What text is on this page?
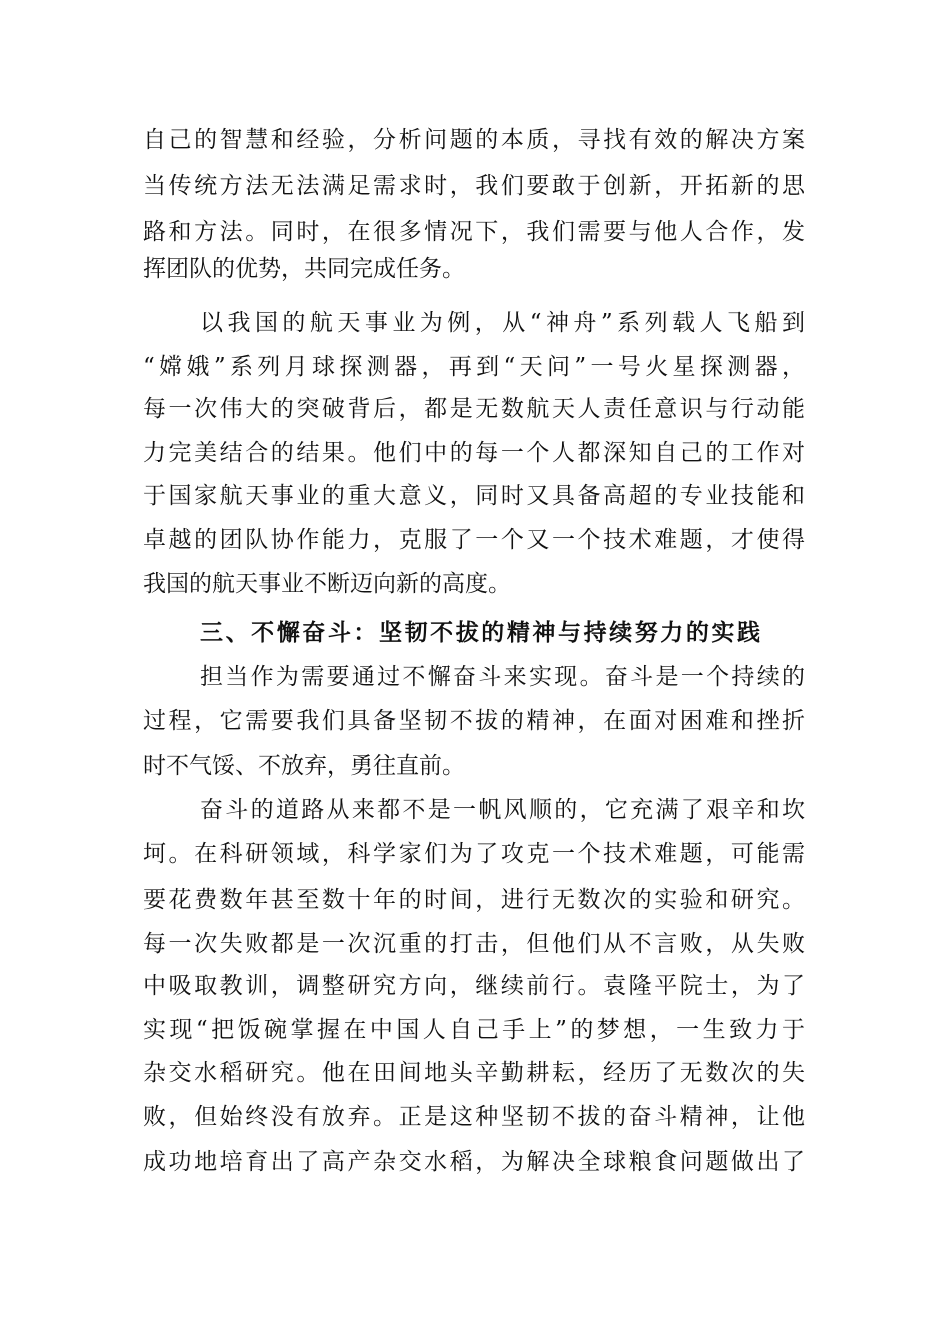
自己的智慧和经验，分析问题的本质，寻找有效的解决方案
当传统方法无法满足需求时，我们要敢于创新，开拓新的思
路和方法。同时，在很多情况下，我们需要与他人合作，发
挥团队的优势，共同完成任务。
以我国的航天事业为例，从“神舟”系列载人飞船到
“嫦娥”系列月球探测器，再到“天问”一号火星探测器，
每一次伟大的突破背后，都是无数航天人责任意识与行动能
力完美结合的结果。他们中的每一个人都深知自己的工作对
于国家航天事业的重大意义，同时又具备高超的专业技能和
卓越的团队协作能力，克服了一个又一个技术难题，才使得
我国的航天事业不断迈向新的高度。
三、不懈奋斗：坚韧不拔的精神与持续努力的实践
担当作为需要通过不懈奋斗来实现。奋斗是一个持续的
过程，它需要我们具备坚韧不拔的精神，在面对困难和挫折
时不气馁、不放弃，勇往直前。
奋斗的道路从来都不是一帆风顺的，它充满了艰辛和坎
坷。在科研领域，科学家们为了攻克一个技术难题，可能需
要花费数年甚至数十年的时间，进行无数次的实验和研究。
每一次失败都是一次沉重的打击，但他们从不言败，从失败
中吸取教训，调整研究方向，继续前行。袁隆平院士，为了
实现“把饭碗掌握在中国人自己手上”的梦想，一生致力于
杂交水稻研究。他在田间地头辛勤耕耘，经历了无数次的失
败，但始终没有放弃。正是这种坚韧不拔的奋斗精神，让他
成功地培育出了高产杂交水稻，为解决全球粮食问题做出了
